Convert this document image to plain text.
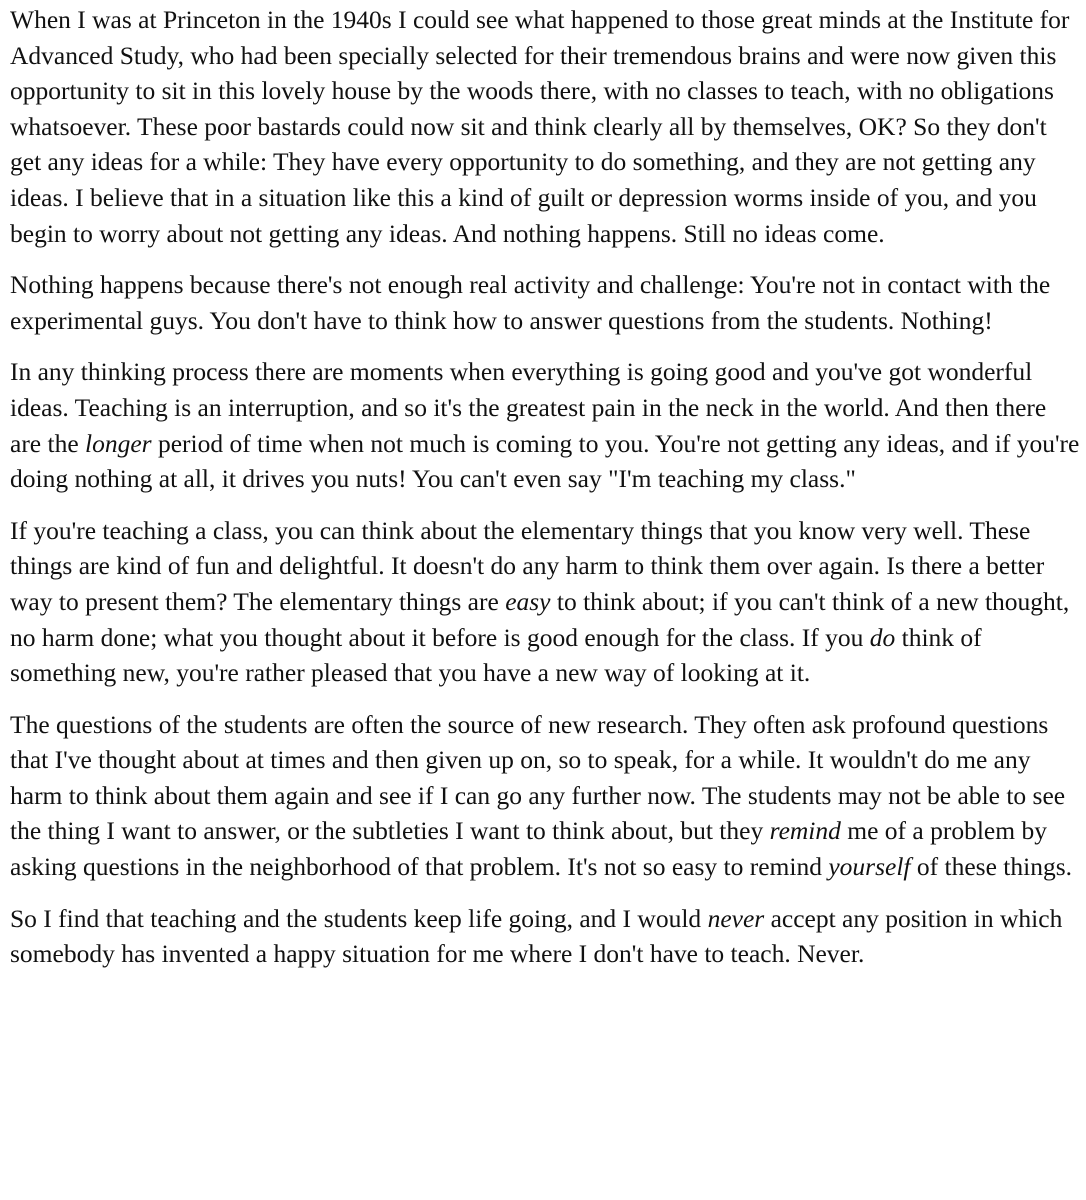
When I was at Princeton in the 1940s I could see what happened to those great minds at the Institute for Advanced Study, who had been specially selected for their tremendous brains and were now given this opportunity to sit in this lovely house by the woods there, with no classes to teach, with no obligations whatsoever. These poor bastards could now sit and think clearly all by themselves, OK? So they don't get any ideas for a while: They have every opportunity to do something, and they are not getting any ideas. I believe that in a situation like this a kind of guilt or depression worms inside of you, and you begin to worry about not getting any ideas. And nothing happens. Still no ideas come.

Nothing happens because there's not enough real activity and challenge: You're not in contact with the experimental guys. You don't have to think how to answer questions from the students. Nothing!

In any thinking process there are moments when everything is going good and you've got wonderful ideas. Teaching is an interruption, and so it's the greatest pain in the neck in the world. And then there are the longer period of time when not much is coming to you. You're not getting any ideas, and if you're doing nothing at all, it drives you nuts! You can't even say "I'm teaching my class."

If you're teaching a class, you can think about the elementary things that you know very well. These things are kind of fun and delightful. It doesn't do any harm to think them over again. Is there a better way to present them? The elementary things are easy to think about; if you can't think of a new thought, no harm done; what you thought about it before is good enough for the class. If you do think of something new, you're rather pleased that you have a new way of looking at it.

The questions of the students are often the source of new research. They often ask profound questions that I've thought about at times and then given up on, so to speak, for a while. It wouldn't do me any harm to think about them again and see if I can go any further now. The students may not be able to see the thing I want to answer, or the subtleties I want to think about, but they remind me of a problem by asking questions in the neighborhood of that problem. It's not so easy to remind yourself of these things.

So I find that teaching and the students keep life going, and I would never accept any position in which somebody has invented a happy situation for me where I don't have to teach. Never.
